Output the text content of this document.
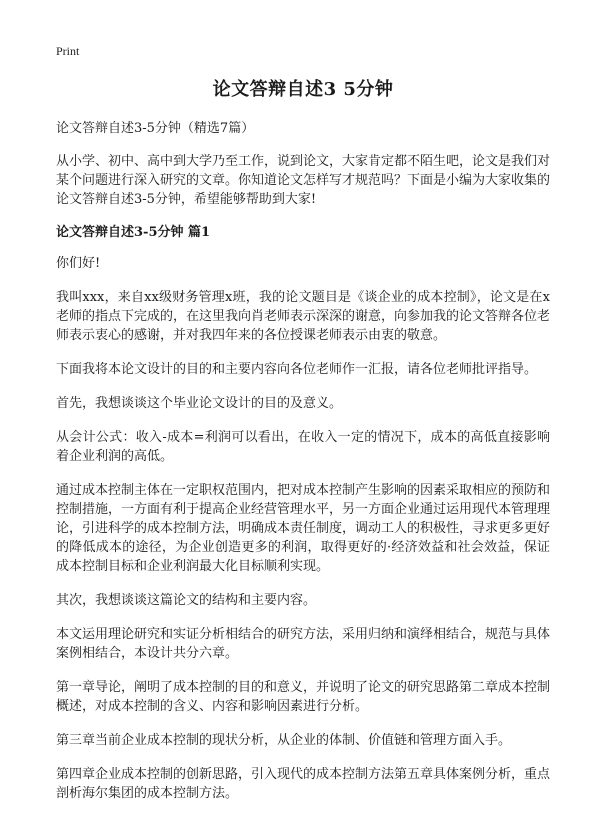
Print
论文答辩自述3 5分钟
论文答辩自述3-5分钟（精选7篇）

从小学、初中、高中到大学乃至工作，说到论文，大家肯定都不陌生吧，论文是我们对某个问题进行深入研究的文章。你知道论文怎样写才规范吗？下面是小编为大家收集的论文答辩自述3-5分钟，希望能够帮助到大家!

论文答辩自述3-5分钟 篇1

你们好!

我叫xxx，来自xx级财务管理x班，我的论文题目是《谈企业的成本控制》，论文是在x老师的指点下完成的，在这里我向肖老师表示深深的谢意，向参加我的论文答辩各位老师表示衷心的感谢，并对我四年来的各位授课老师表示由衷的敬意。

下面我将本论文设计的目的和主要内容向各位老师作一汇报，请各位老师批评指导。

首先，我想谈谈这个毕业论文设计的目的及意义。

从会计公式：收入-成本=利润可以看出，在收入一定的情况下，成本的高低直接影响着企业利润的高低。

通过成本控制主体在一定职权范围内，把对成本控制产生影响的因素采取相应的预防和控制措施，一方面有利于提高企业经营管理水平，另一方面企业通过运用现代本管理理论，引进科学的成本控制方法，明确成本责任制度，调动工人的积极性，寻求更多更好的降低成本的途径，为企业创造更多的利润，取得更好的·经济效益和社会效益，保证成本控制目标和企业利润最大化目标顺利实现。

其次，我想谈谈这篇论文的结构和主要内容。

本文运用理论研究和实证分析相结合的研究方法，采用归纳和演绎相结合，规范与具体案例相结合，本设计共分六章。

第一章导论，阐明了成本控制的目的和意义，并说明了论文的研究思路第二章成本控制概述，对成本控制的含义、内容和影响因素进行分析。

第三章当前企业成本控制的现状分析，从企业的体制、价值链和管理方面入手。

第四章企业成本控制的创新思路，引入现代的成本控制方法第五章具体案例分析，重点剖析海尔集团的成本控制方法。
